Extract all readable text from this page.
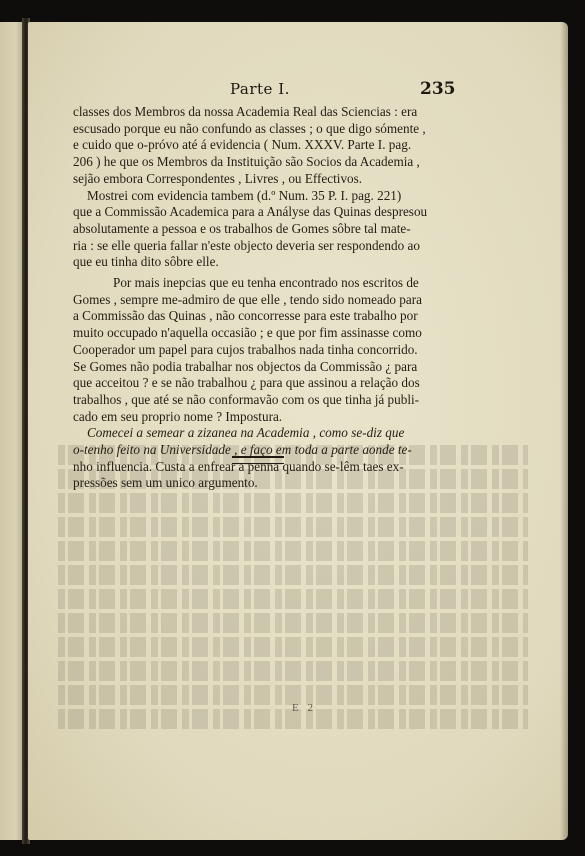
Parte I.	235
classes dos Membros da nossa Academia Real das Sciencias : era
escusado porque eu não confundo as classes ; o que digo sómente ,
e cuido que o-próvo até á evidencia ( Num. XXXV. Parte I. pag.
206 ) he que os Membros da Instituição são Socios da Academia ,
sejão embora Correspondentes , Livres , ou Effectivos.
Mostrei com evidencia tambem (d.º Num. 35 P. I. pag. 221)
que a Commissão Academica para a Anályse das Quinas despresou
absolutamente a pessoa e os trabalhos de Gomes sôbre tal mate-
ria : se elle queria fallar n'este objecto deveria ser respondendo ao
que eu tinha dito sôbre elle.
Por mais inepcias que eu tenha encontrado nos escritos de
Gomes , sempre me-admiro de que elle , tendo sido nomeado para
a Commissão das Quinas , não concorresse para este trabalho por
muito occupado n'aquella occasião ; e que por fim assinasse como
Cooperador um papel para cujos trabalhos nada tinha concorrido.
Se Gomes não podia trabalhar nos objectos da Commissão ¿ para
que acceitou ? e se não trabalhou ¿ para que assinou a relação dos
trabalhos , que até se não conformavão com os que tinha já publi-
cado em seu proprio nome ? Impostura.
Comecei a semear a zizanea na Academia , como se-diz que
o-tenho feito na Universidade , e faço em toda a parte aonde te-
nho influencia. Custa a enfrear a penna quando se-lêm taes ex-
pressões sem um unico argumento.
E 2
